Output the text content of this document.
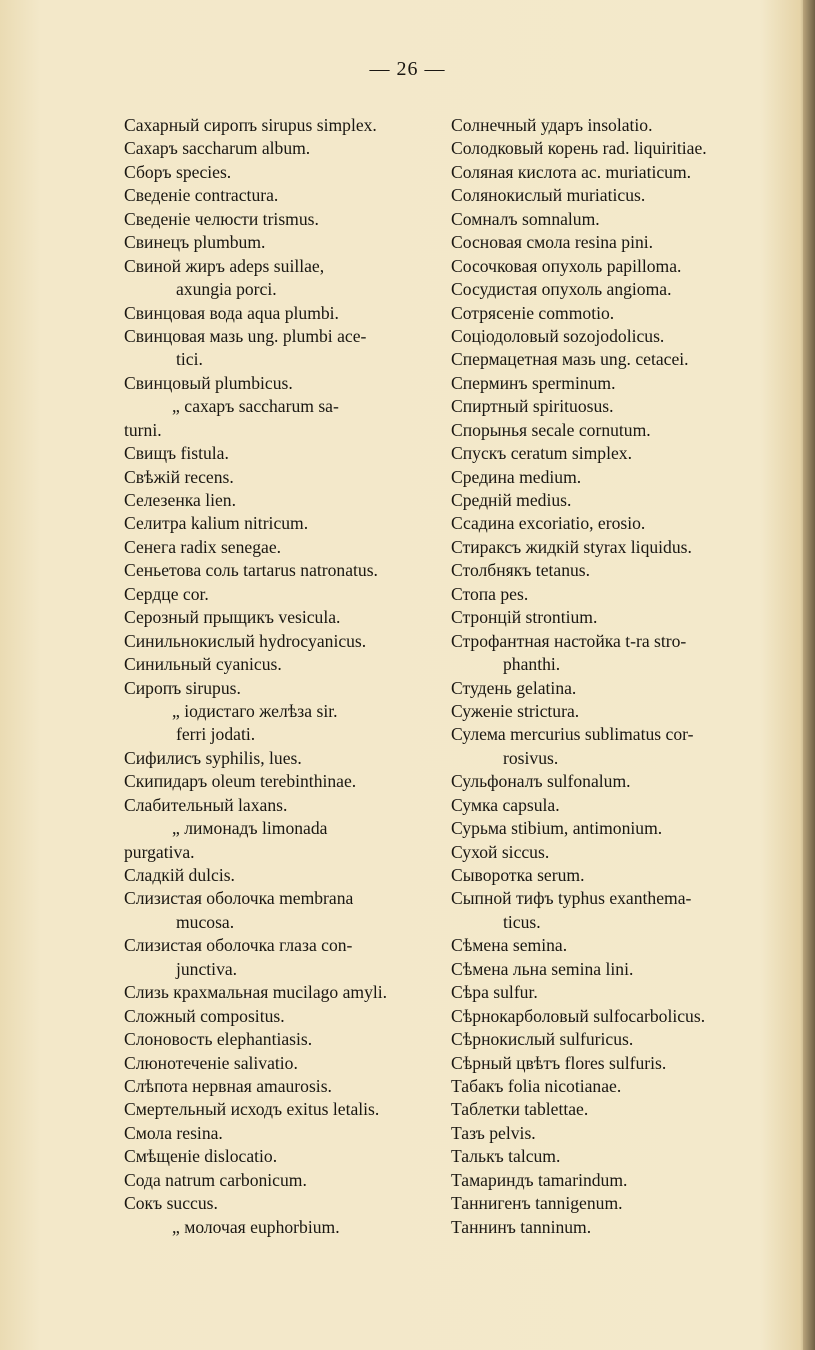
— 26 —
Сахарный сиропъ sirupus simplex.
Сахаръ saccharum album.
Сборъ species.
Сведеніе contractura.
Сведеніе челюсти trismus.
Свинецъ plumbum.
Свиной жиръ adeps suillae,
axungia porci.
Свинцовая вода aqua plumbi.
Свинцовая мазь ung. plumbi ace-
tici.
Свинцовый plumbicus.
„ сахаръ saccharum sa-
turni.
Свищъ fistula.
Свѣжій recens.
Селезенка lien.
Селитра kalium nitricum.
Сенега radix senegae.
Сеньетова соль tartarus natronatus.
Сердце cor.
Серозный прыщикъ vesicula.
Синильнокислый hydrocyanicus.
Синильный cyanicus.
Сиропъ sirupus.
„ іодистаго желѣза sir.
ferri jodati.
Сифилисъ syphilis, lues.
Скипидаръ oleum terebinthinae.
Слабительный laxans.
„ лимонадъ limonada
purgativa.
Сладкій dulcis.
Слизистая оболочка membrana
mucosa.
Слизистая оболочка глаза con-
junctiva.
Слизь крахмальная mucilago amyli.
Сложный compositus.
Слоновость elephantiasis.
Слюнотеченіе salivatio.
Слѣпота нервная amaurosis.
Смертельный исходъ exitus letalis.
Смола resina.
Смѣщеніе dislocatio.
Сода natrum carbonicum.
Сокъ succus.
„ молочая euphorbium.
Солнечный ударъ insolatio.
Солодковый корень rad. liquiritiae.
Соляная кислота ac. muriaticum.
Солянокислый muriaticus.
Сомналъ somnalum.
Сосновая смола resina pini.
Сосочковая опухоль papilloma.
Сосудистая опухоль angioma.
Сотрясеніе commotio.
Соціодоловый sozojodolicus.
Спермацетная мазь ung. cetacei.
Сперминъ sperminum.
Спиртный spirituosus.
Спорынья secale cornutum.
Спускъ ceratum simplex.
Средина medium.
Средній medius.
Ссадина excoriatio, erosio.
Стираксъ жидкій styrax liquidus.
Столбнякъ tetanus.
Стопа pes.
Стронцій strontium.
Строфантная настойка t-ra stro-
phanthi.
Студень gelatina.
Суженіе strictura.
Сулема mercurius sublimatus cor-
rosivus.
Сульфоналъ sulfonalum.
Сумка capsula.
Сурьма stibium, antimonium.
Сухой siccus.
Сыворотка serum.
Сыпной тифъ typhus exanthema-
ticus.
Сѣмена semina.
Сѣмена льна semina lini.
Сѣра sulfur.
Сѣрнокарболовый sulfocarbolicus.
Сѣрнокислый sulfuricus.
Сѣрный цвѣтъ flores sulfuris.
Табакъ folia nicotianae.
Таблетки tablettae.
Тазъ pelvis.
Талькъ talcum.
Тамариндъ tamarindum.
Таннигенъ tannigenum.
Таннинъ tanninum.
